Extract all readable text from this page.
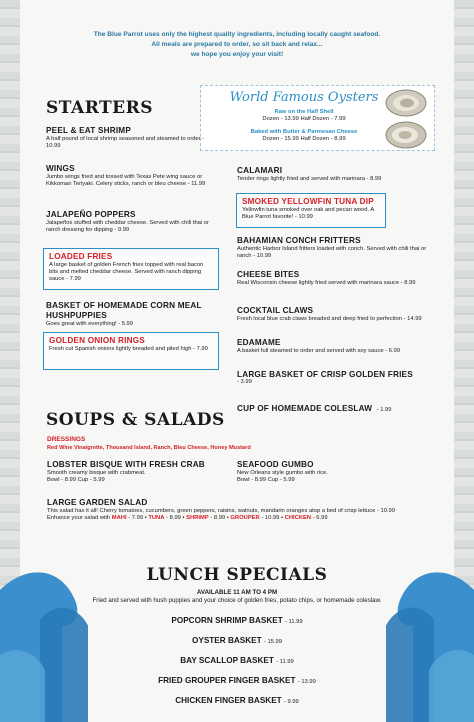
The Blue Parrot uses only the highest quality ingredients, including locally caught seafood.
All meals are prepared to order, so sit back and relax...
we hope you enjoy your visit!
STARTERS
World Famous Oysters
Raw on the Half Shell
Dozen - 13.99 Half Dozen - 7.99
Baked with Butter & Parmesan Cheese
Dozen - 15.99 Half Dozen - 8.99
PEEL & EAT SHRIMP
A half pound of local shrimp seasoned and steamed to order - 10.99
WINGS
Jumbo wings fried and tossed with Texas Pete wing sauce or Kikkoman Teriyaki. Celery sticks, ranch or bleu cheese - 11.99
JALAPEÑO POPPERS
Jalapeños stuffed with cheddar cheese. Served with chili thai or ranch dressing for dipping - 9.99
LOADED FRIES
A large basket of golden French fries topped with real bacon bits and melted cheddar cheese. Served with ranch dipping sauce - 7.99
BASKET OF HOMEMADE CORN MEAL HUSHPUPPIES
Goes great with everything! - 5.99
GOLDEN ONION RINGS
Fresh cut Spanish onions lightly breaded and piled high - 7.99
CALAMARI
Tender rings lightly fried and served with marinara - 8.99
SMOKED YELLOWFIN TUNA DIP
Yellowfin tuna smoked over oak and pecan wood. A Blue Parrot favorite! - 10.99
BAHAMIAN CONCH FRITTERS
Authentic Harbor Island fritters loaded with conch. Served with chili thai or ranch - 10.99
CHEESE BITES
Real Wisconsin cheese lightly fried served with marinara sauce - 8.99
COCKTAIL CLAWS
Fresh local blue crab claws breaded and deep fried to perfection - 14.99
EDAMAME
A basket full steamed to order and served with soy sauce - 6.99
LARGE BASKET OF CRISP GOLDEN FRIES
- 3.99
CUP OF HOMEMADE COLESLAW - 1.99
SOUPS & SALADS
DRESSINGS
Red Wine Vinaigrette, Thousand Island, Ranch, Bleu Cheese, Honey Mustard
LOBSTER BISQUE WITH FRESH CRAB
Smooth creamy bisque with crabmeat.
Bowl - 8.99 Cup - 5.99
SEAFOOD GUMBO
New Orleans style gumbo with rice.
Bowl - 8.99 Cup - 5.99
LARGE GARDEN SALAD
This salad has it all! Cherry tomatoes, cucumbers, green peppers, raisins, walnuts, mandarin oranges atop a bed of crisp lettuce - 10.99
Enhance your salad with MAHI - 7.99 • TUNA - 8.99 • SHRIMP - 8.99 • GROUPER - 10.99 • CHICKEN - 6.99
LUNCH SPECIALS
AVAILABLE 11 AM TO 4 PM
Fried and served with hush puppies and your choice of golden fries, potato chips, or homemade coleslaw.
POPCORN SHRIMP BASKET - 11.99
OYSTER BASKET - 15.99
BAY SCALLOP BASKET - 11.99
FRIED GROUPER FINGER BASKET - 13.99
CHICKEN FINGER BASKET - 9.99
